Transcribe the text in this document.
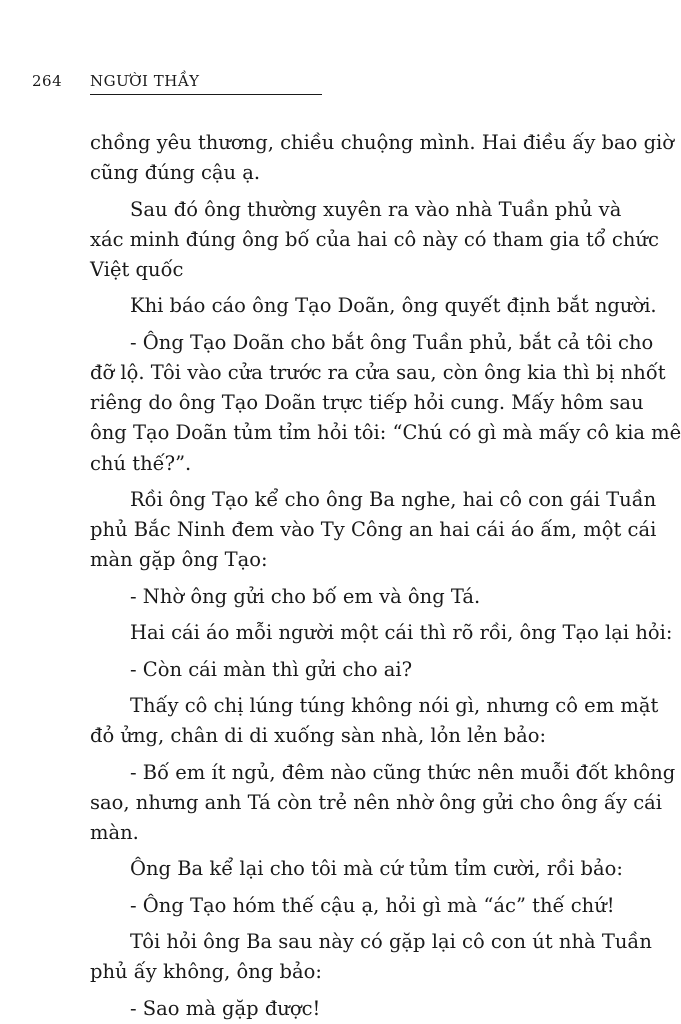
264 NGƯỜI THẦY
chồng yêu thương, chiều chuộng mình. Hai điều ấy bao giờ
cũng đúng cậu ạ.
Sau đó ông thường xuyên ra vào nhà Tuần phủ và
xác minh đúng ông bố của hai cô này có tham gia tổ chức
Việt quốc
Khi báo cáo ông Tạo Doãn, ông quyết định bắt người.
- Ông Tạo Doãn cho bắt ông Tuần phủ, bắt cả tôi cho
đỡ lộ. Tôi vào cửa trước ra cửa sau, còn ông kia thì bị nhốt
riêng do ông Tạo Doãn trực tiếp hỏi cung. Mấy hôm sau
ông Tạo Doãn tủm tỉm hỏi tôi: “Chú có gì mà mấy cô kia mê
chú thế?”.
Rồi ông Tạo kể cho ông Ba nghe, hai cô con gái Tuần
phủ Bắc Ninh đem vào Ty Công an hai cái áo ấm, một cái
màn gặp ông Tạo:
- Nhờ ông gửi cho bố em và ông Tá.
Hai cái áo mỗi người một cái thì rõ rồi, ông Tạo lại hỏi:
- Còn cái màn thì gửi cho ai?
Thấy cô chị lúng túng không nói gì, nhưng cô em mặt
đỏ ửng, chân di di xuống sàn nhà, lỏn lẻn bảo:
- Bố em ít ngủ, đêm nào cũng thức nên muỗi đốt không
sao, nhưng anh Tá còn trẻ nên nhờ ông gửi cho ông ấy cái
màn.
Ông Ba kể lại cho tôi mà cứ tủm tỉm cười, rồi bảo:
- Ông Tạo hóm thế cậu ạ, hỏi gì mà “ác” thế chứ!
Tôi hỏi ông Ba sau này có gặp lại cô con út nhà Tuần
phủ ấy không, ông bảo:
- Sao mà gặp được!
